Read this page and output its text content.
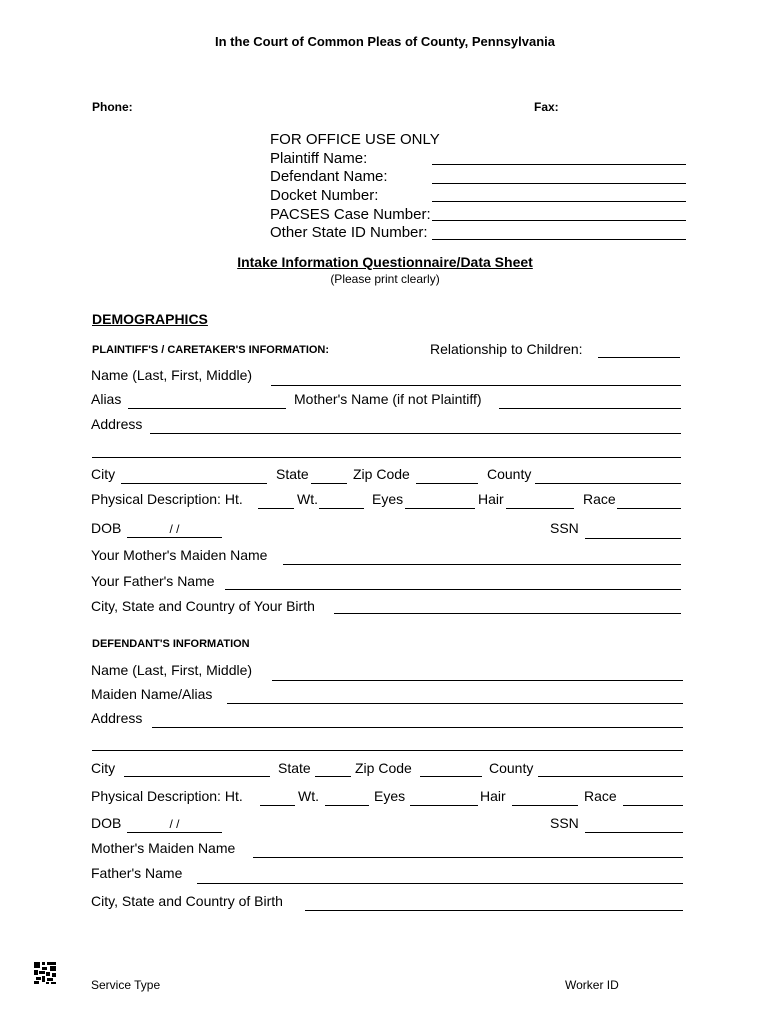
In the Court of Common Pleas of County, Pennsylvania
Phone:	Fax:
FOR OFFICE USE ONLY
Plaintiff Name:
Defendant Name:
Docket Number:
PACSES Case Number:
Other State ID Number:
Intake Information Questionnaire/Data Sheet
(Please print clearly)
DEMOGRAPHICS
PLAINTIFF'S / CARETAKER'S INFORMATION:	Relationship to Children:
Name (Last, First, Middle)
Alias	Mother's Name (if not Plaintiff)
Address
City	State	Zip Code	County
Physical Description: Ht.	Wt.	Eyes	Hair	Race
DOB	/ /	SSN
Your Mother's Maiden Name
Your Father's Name
City, State and Country of Your Birth
DEFENDANT'S INFORMATION
Name (Last, First, Middle)
Maiden Name/Alias
Address
City	State	Zip Code	County
Physical Description: Ht.	Wt.	Eyes	Hair	Race
DOB	/ /	SSN
Mother's Maiden Name
Father's Name
City, State and Country of Birth
Service Type	Worker ID
